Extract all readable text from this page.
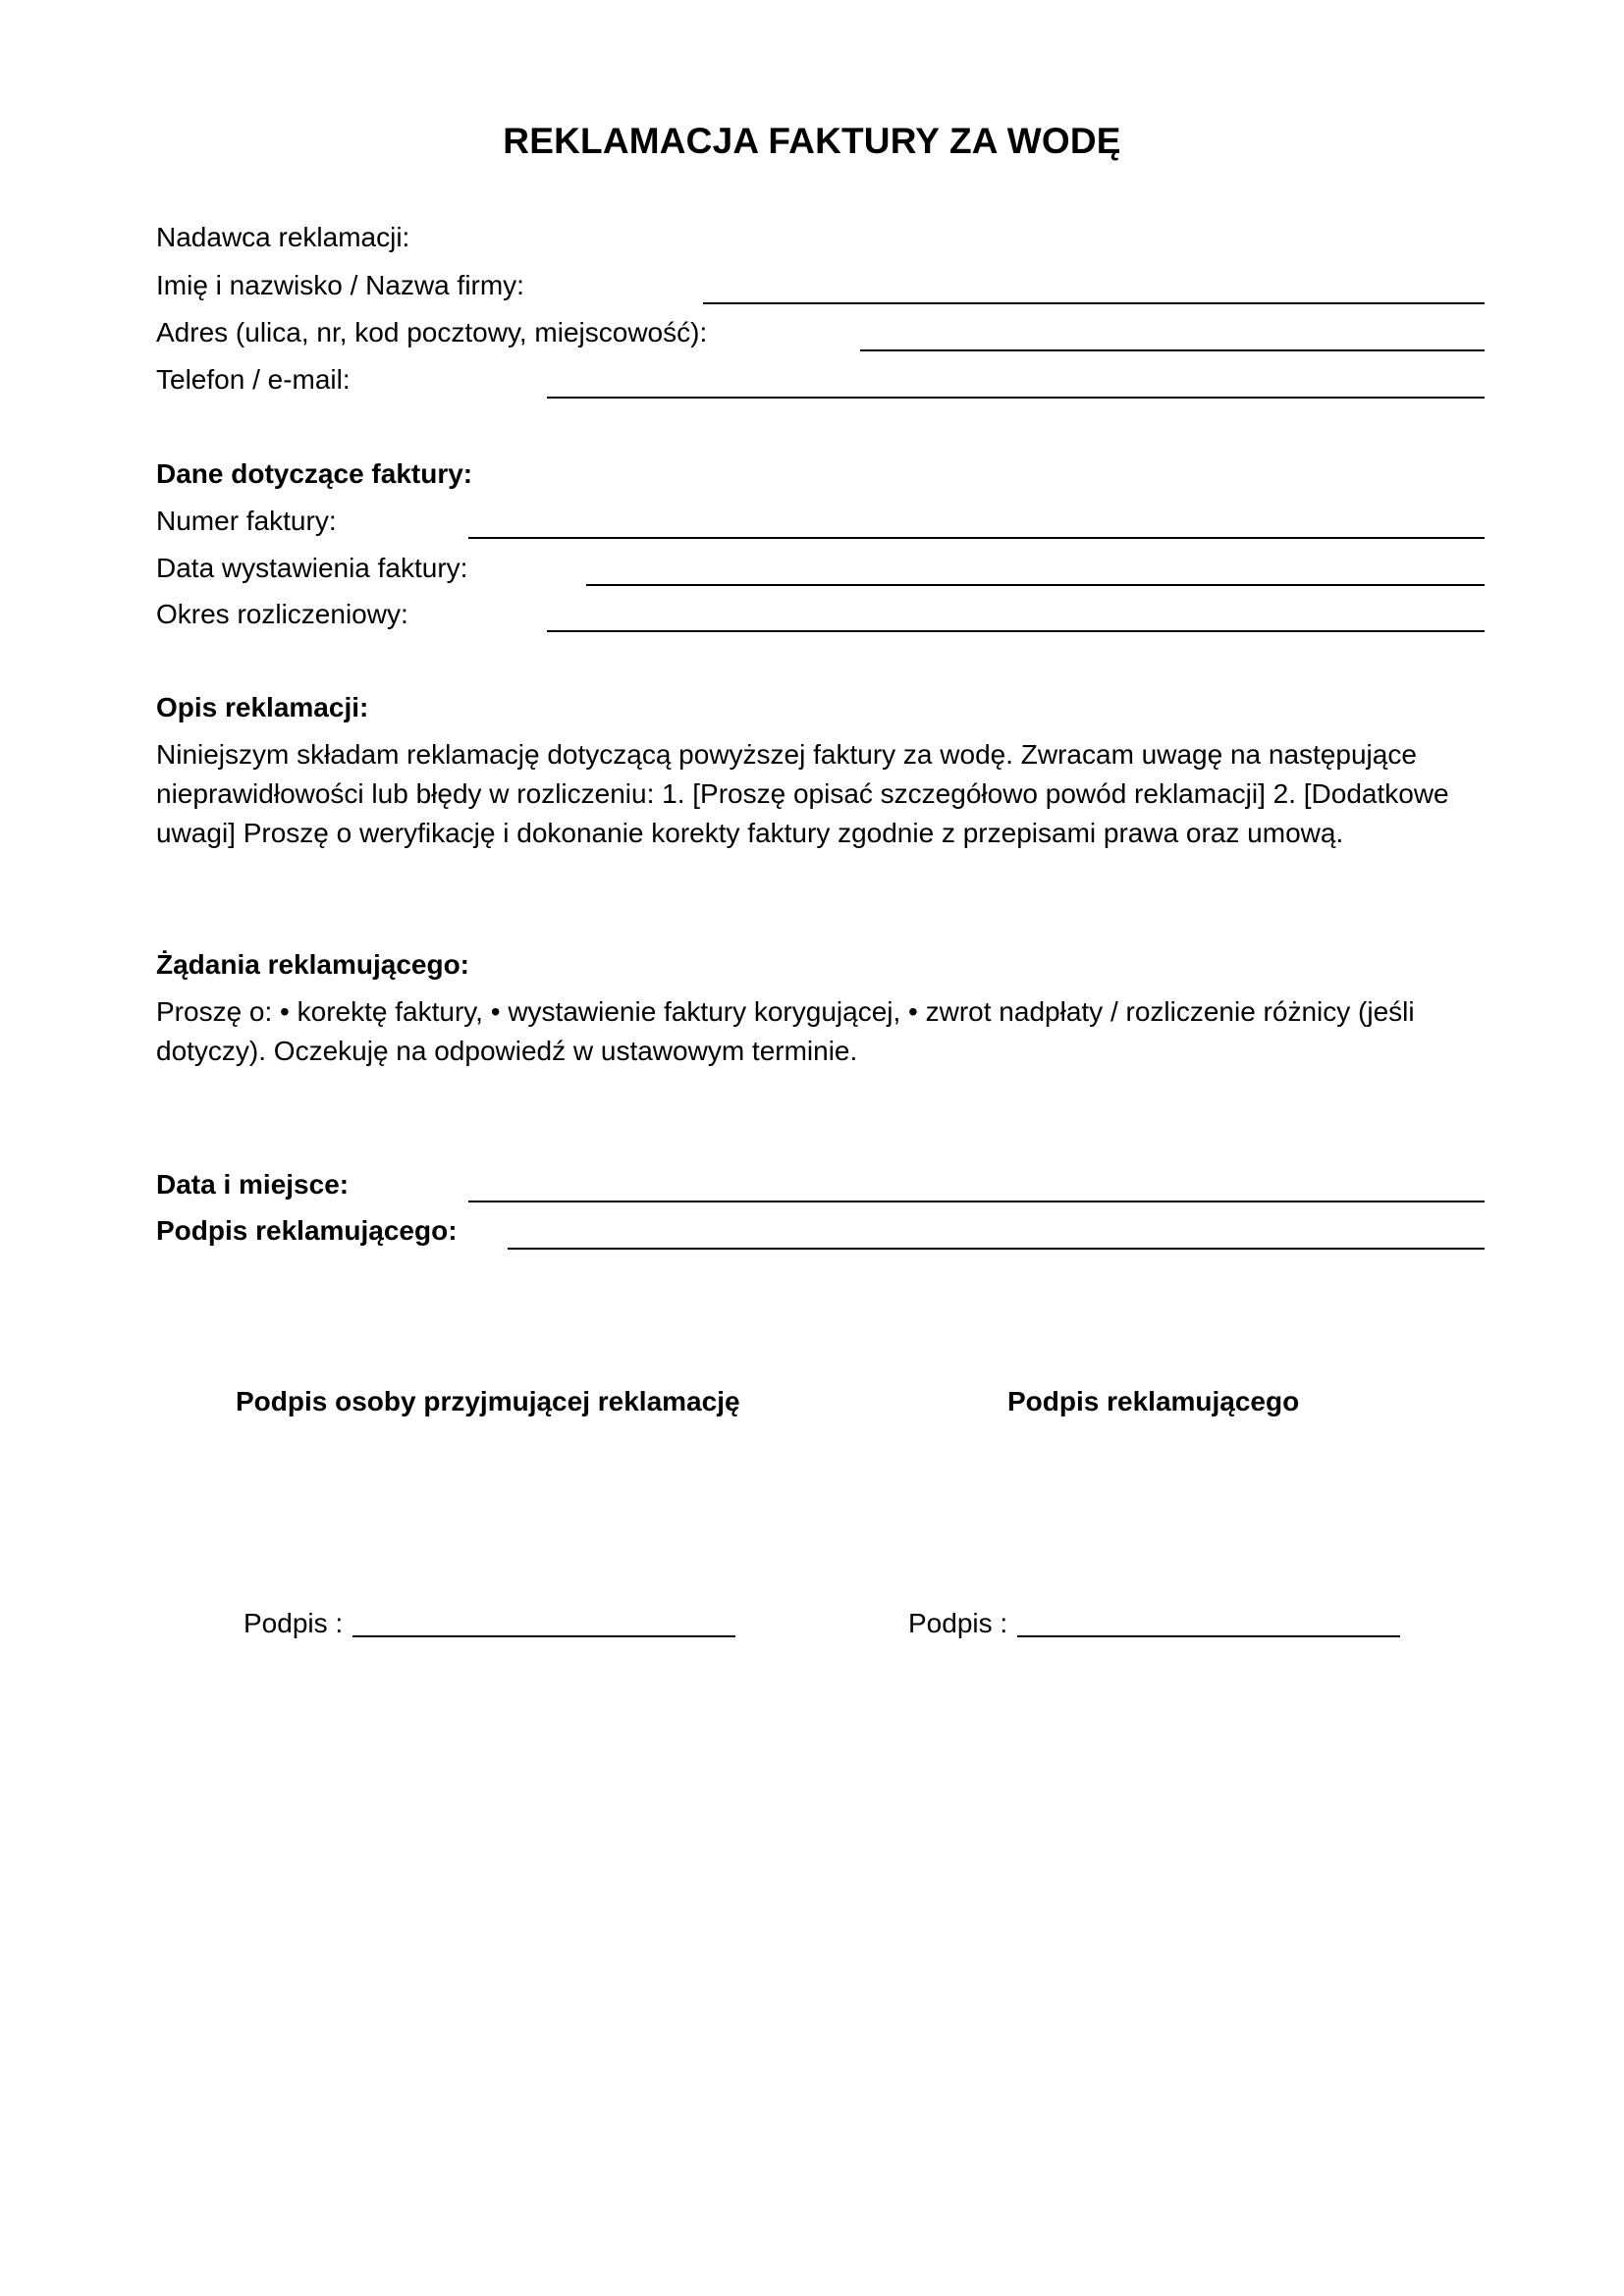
REKLAMACJA FAKTURY ZA WODĘ
Nadawca reklamacji:
Imię i nazwisko / Nazwa firmy:
Adres (ulica, nr, kod pocztowy, miejscowość):
Telefon / e-mail:
Dane dotyczące faktury:
Numer faktury:
Data wystawienia faktury:
Okres rozliczeniowy:
Opis reklamacji:
Niniejszym składam reklamację dotyczącą powyższej faktury za wodę. Zwracam uwagę na następujące nieprawidłowości lub błędy w rozliczeniu: 1. [Proszę opisać szczegółowo powód reklamacji] 2. [Dodatkowe uwagi] Proszę o weryfikację i dokonanie korekty faktury zgodnie z przepisami prawa oraz umową.
Żądania reklamującego:
Proszę o: • korektę faktury, • wystawienie faktury korygującej, • zwrot nadpłaty / rozliczenie różnicy (jeśli dotyczy). Oczekuję na odpowiedź w ustawowym terminie.
Data i miejsce:
Podpis reklamującego:
Podpis osoby przyjmującej reklamację	Podpis reklamującego
Podpis :	Podpis :
